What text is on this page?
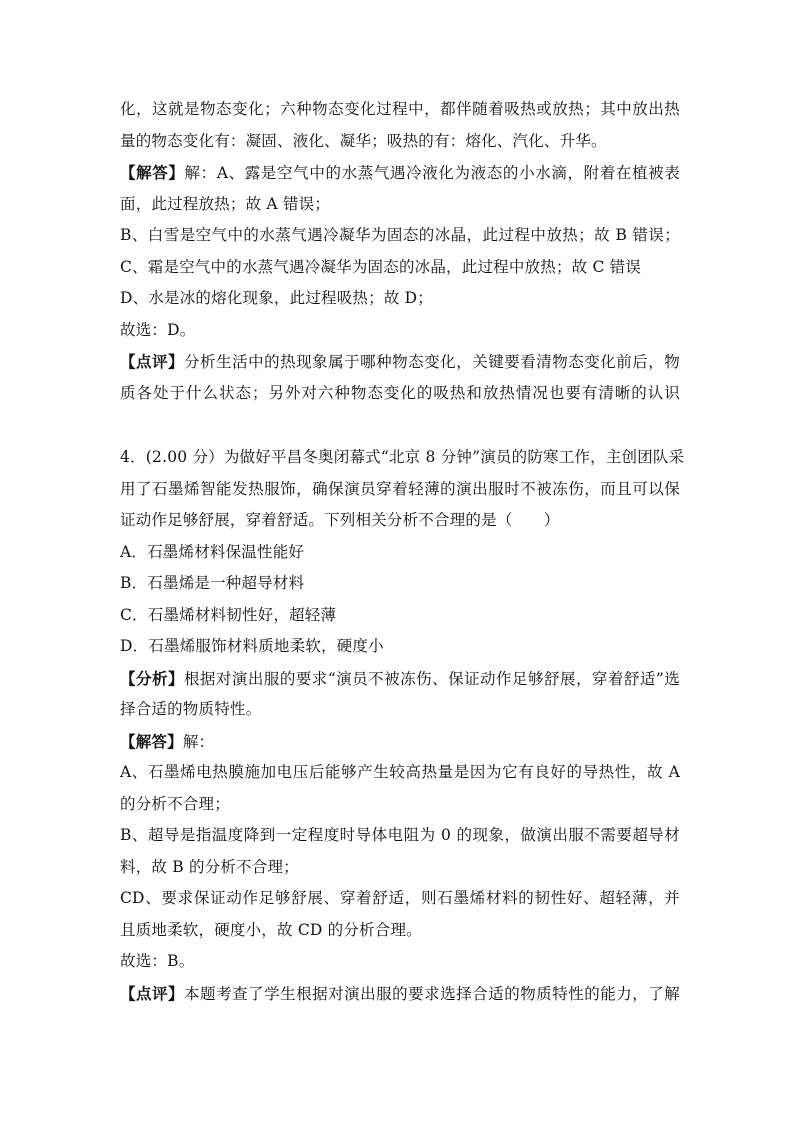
化，这就是物态变化；六种物态变化过程中，都伴随着吸热或放热；其中放出热
量的物态变化有：凝固、液化、凝华；吸热的有：熔化、汽化、升华。
【解答】解：A、露是空气中的水蒸气遇冷液化为液态的小水滴，附着在植被表
面，此过程放热；故 A 错误；
B、白雪是空气中的水蒸气遇冷凝华为固态的冰晶，此过程中放热；故 B 错误；
C、霜是空气中的水蒸气遇冷凝华为固态的冰晶，此过程中放热；故 C 错误
D、水是冰的熔化现象，此过程吸热；故 D；
故选：D。
【点评】分析生活中的热现象属于哪种物态变化，关键要看清物态变化前后，物
质各处于什么状态；另外对六种物态变化的吸热和放热情况也要有清晰的认识
4．(2.00 分）为做好平昌冬奥闭幕式“北京 8 分钟”演员的防寒工作，主创团队采
用了石墨烯智能发热服饰，确保演员穿着轻薄的演出服时不被冻伤，而且可以保
证动作足够舒展，穿着舒适。下列相关分析不合理的是（　　）
A．石墨烯材料保温性能好
B．石墨烯是一种超导材料
C．石墨烯材料韧性好，超轻薄
D．石墨烯服饰材料质地柔软，硬度小
【分析】根据对演出服的要求“演员不被冻伤、保证动作足够舒展，穿着舒适”选
择合适的物质特性。
【解答】解：
A、石墨烯电热膜施加电压后能够产生较高热量是因为它有良好的导热性，故 A
的分析不合理；
B、超导是指温度降到一定程度时导体电阻为 0 的现象，做演出服不需要超导材
料，故 B 的分析不合理；
CD、要求保证动作足够舒展、穿着舒适，则石墨烯材料的韧性好、超轻薄，并
且质地柔软，硬度小，故 CD 的分析合理。
故选：B。
【点评】本题考查了学生根据对演出服的要求选择合适的物质特性的能力，了解
